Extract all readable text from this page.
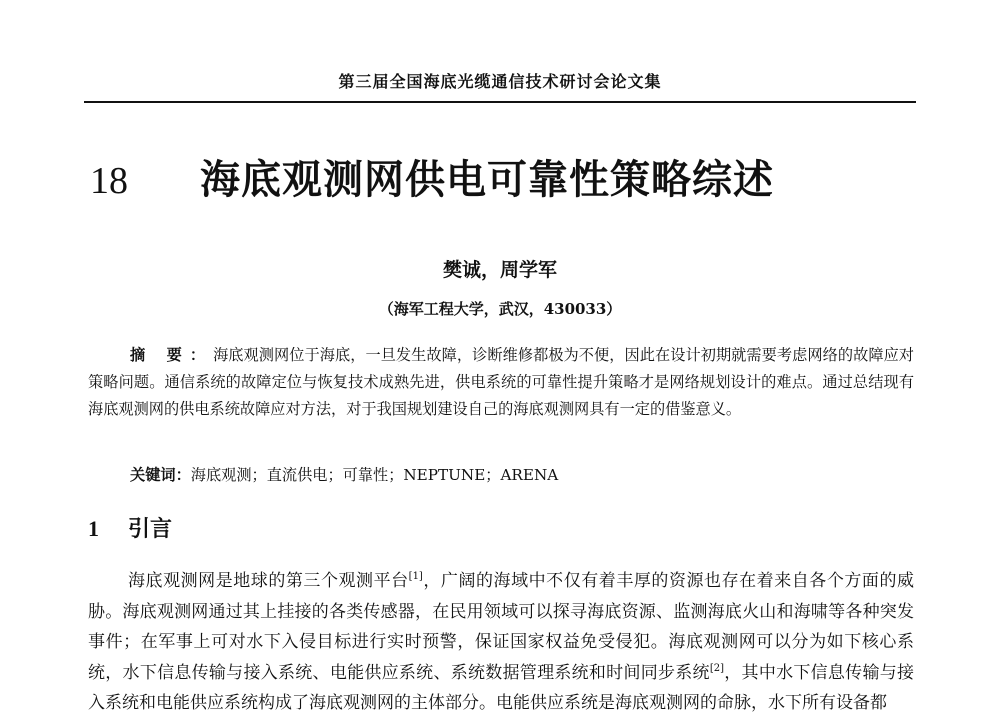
第三届全国海底光缆通信技术研讨会论文集
18 海底观测网供电可靠性策略综述
樊诚，周学军
（海军工程大学，武汉，430033）

摘 要：海底观测网位于海底，一旦发生故障，诊断维修都极为不便，因此在设计初期就需要考虑网络的故障应对策略问题。通信系统的故障定位与恢复技术成熟先进，供电系统的可靠性提升策略才是网络规划设计的难点。通过总结现有海底观测网的供电系统故障应对方法，对于我国规划建设自己的海底观测网具有一定的借鉴意义。

关键词：海底观测；直流供电；可靠性；NEPTUNE；ARENA
1 引言

海底观测网是地球的第三个观测平台[1]，广阔的海域中不仅有着丰厚的资源也存在着来自各个方面的威胁。海底观测网通过其上挂接的各类传感器，在民用领域可以探寻海底资源、监测海底火山和海啸等各种突发事件；在军事上可对水下入侵目标进行实时预警，保证国家权益免受侵犯。海底观测网可以分为如下核心系统，水下信息传输与接入系统、电能供应系统、系统数据管理系统和时间同步系统[2]，其中水下信息传输与接入系统和电能供应系统构成了海底观测网的主体部分。电能供应系统是海底观测网的命脉，水下所有设备都
